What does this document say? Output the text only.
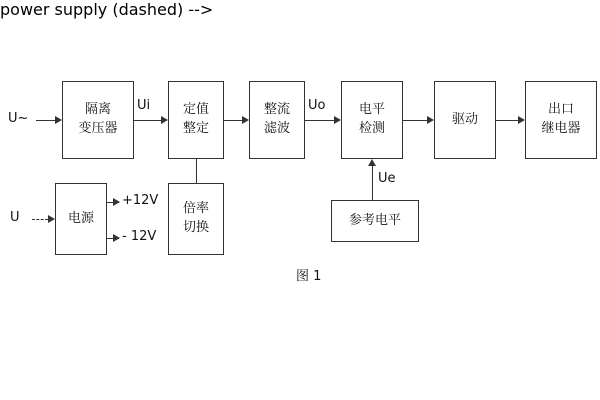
隔离
变压器
定值
整定
整流
滤波
电平
检测
驱动
出口
继电器
电源
倍率
切换	参考电平
power supply (dashed) -->
U~
U
Ui	Uo
Ue
+12V
- 12V
图 1
